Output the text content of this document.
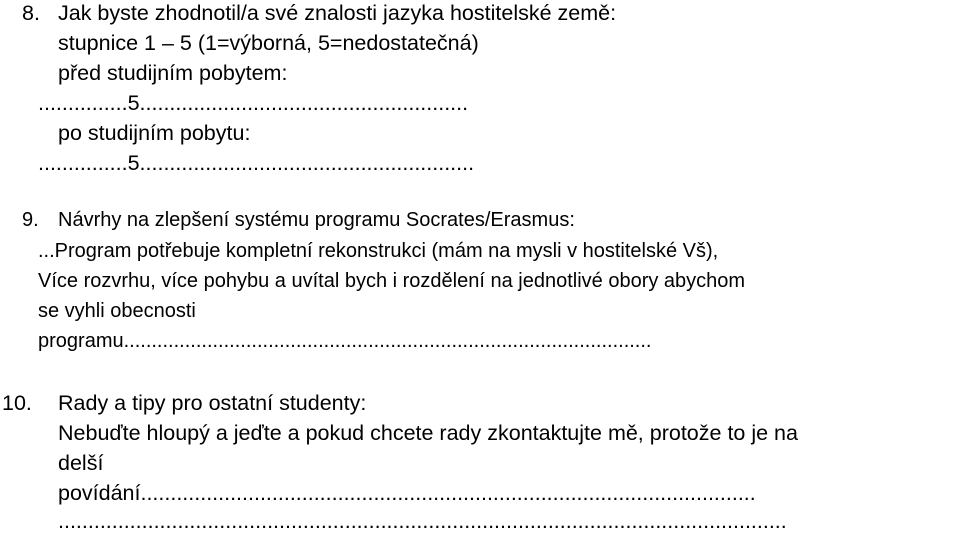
8. Jak byste zhodnotil/a své znalosti jazyka hostitelské země:
stupnice 1 – 5 (1=výborná, 5=nedostatečná)
před studijním pobytem:
...............5.......................................................
po studijním pobytu:
...............5........................................................
9. Návrhy na zlepšení systému programu Socrates/Erasmus:
...Program potřebuje kompletní rekonstrukci (mám na mysli v hostitelské Vš),
Více rozvrhu, více pohybu a uvítal bych i rozdělení na jednotlivé obory abychom
se vyhli obecnosti
programu...............................................................................................
10. Rady a tipy pro ostatní studenty:
Nebuďte hloupý a jeďte a pokud chcete rady zkontaktujte mě, protože to je na
delší
povídání.......................................................................................................
..........................................................................................................................
